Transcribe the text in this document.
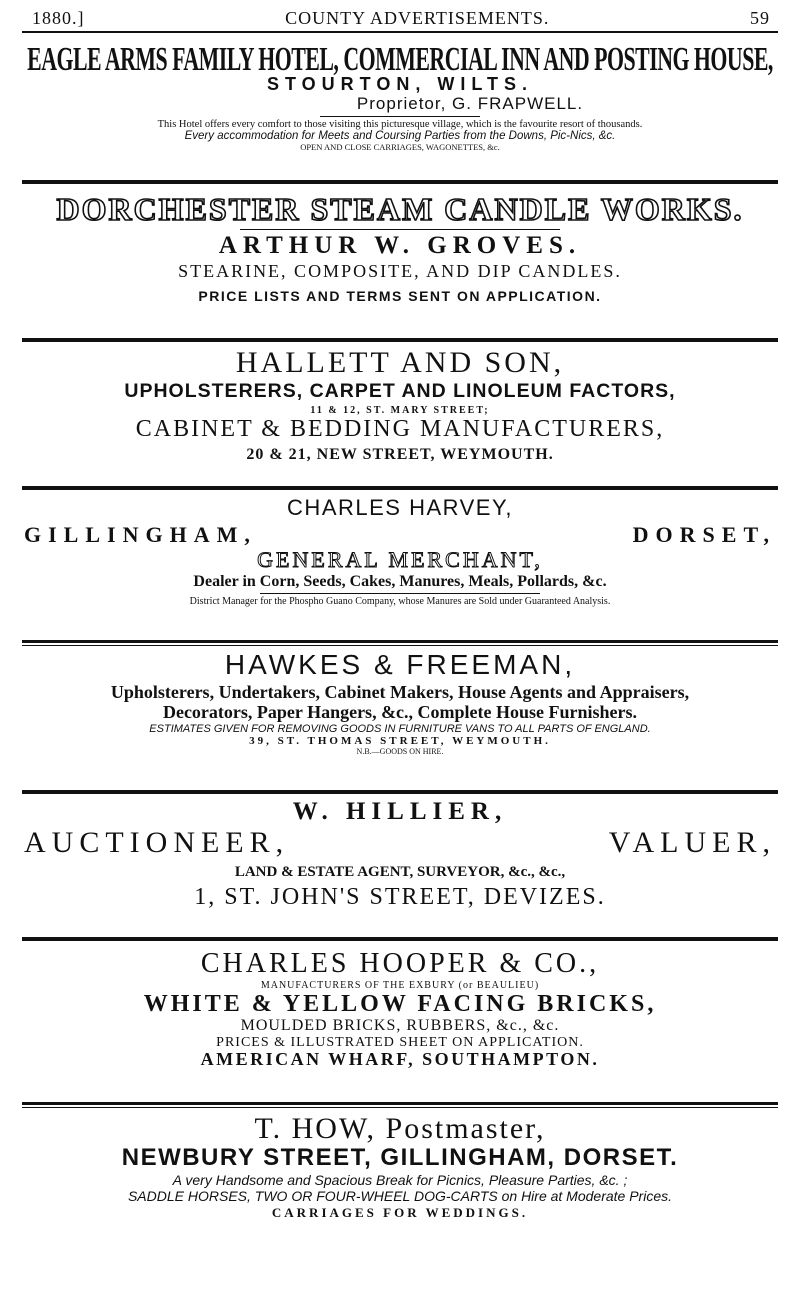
1880.]	COUNTY ADVERTISEMENTS.	59
EAGLE ARMS FAMILY HOTEL, COMMERCIAL INN AND POSTING HOUSE,
STOURTON, WILTS.
Proprietor, G. FRAPWELL.
This Hotel offers every comfort to those visiting this picturesque village, which is the favourite resort of thousands.
Every accommodation for Meets and Coursing Parties from the Downs, Pic-Nics, &c.
OPEN AND CLOSE CARRIAGES, WAGONETTES, &c.
DORCHESTER STEAM CANDLE WORKS.
ARTHUR W. GROVES.
STEARINE, COMPOSITE, AND DIP CANDLES.
PRICE LISTS AND TERMS SENT ON APPLICATION.
HALLETT AND SON,
UPHOLSTERERS, CARPET AND LINOLEUM FACTORS,
11 & 12, ST. MARY STREET;
CABINET & BEDDING MANUFACTURERS,
20 & 21, NEW STREET, WEYMOUTH.
CHARLES HARVEY,
GILLINGHAM,	DORSET,
GENERAL MERCHANT,
Dealer in Corn, Seeds, Cakes, Manures, Meals, Pollards, &c.
District Manager for the Phospho Guano Company, whose Manures are Sold under Guaranteed Analysis.
HAWKES & FREEMAN,
Upholsterers, Undertakers, Cabinet Makers, House Agents and Appraisers,
Decorators, Paper Hangers, &c., Complete House Furnishers.
ESTIMATES GIVEN FOR REMOVING GOODS IN FURNITURE VANS TO ALL PARTS OF ENGLAND.
39, ST. THOMAS STREET, WEYMOUTH.
N.B.—GOODS ON HIRE.
W. HILLIER,
AUCTIONEER,	VALUER,
LAND & ESTATE AGENT, SURVEYOR, &c., &c.,
1, ST. JOHN'S STREET, DEVIZES.
CHARLES HOOPER & CO.,
MANUFACTURERS OF THE EXBURY (or BEAULIEU)
WHITE & YELLOW FACING BRICKS,
MOULDED BRICKS, RUBBERS, &c., &c.
PRICES & ILLUSTRATED SHEET ON APPLICATION.
AMERICAN WHARF, SOUTHAMPTON.
T. HOW, Postmaster,
NEWBURY STREET, GILLINGHAM, DORSET.
A very Handsome and Spacious Break for Picnics, Pleasure Parties, &c. ;
SADDLE HORSES, TWO OR FOUR-WHEEL DOG-CARTS on Hire at Moderate Prices.
CARRIAGES FOR WEDDINGS.
